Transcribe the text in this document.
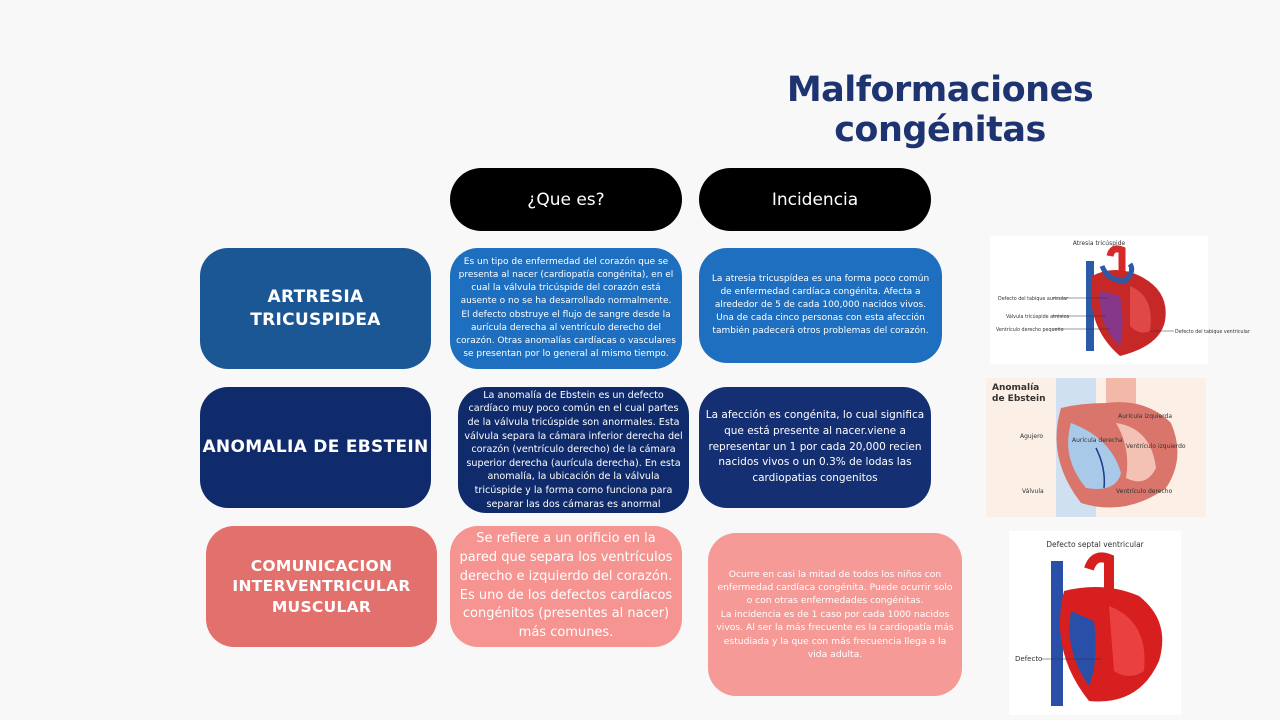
Malformaciones congénitas
¿Que es?	Incidencia
ARTRESIA TRICUSPIDEA
Es un tipo de enfermedad del corazón que se presenta al nacer (cardiopatía congénita), en el cual la válvula tricúspide del corazón está ausente o no se ha desarrollado normalmente. El defecto obstruye el flujo de sangre desde la aurícula derecha al ventrículo derecho del corazón. Otras anomalías cardíacas o vasculares se presentan por lo general al mismo tiempo.
La atresia tricuspídea es una forma poco común de enfermedad cardíaca congénita. Afecta a alrededor de 5 de cada 100,000 nacidos vivos. Una de cada cinco personas con esta afección también padecerá otros problemas del corazón.
ANOMALIA DE EBSTEIN
La anomalía de Ebstein es un defecto cardíaco muy poco común en el cual partes de la válvula tricúspide son anormales. Esta válvula separa la cámara inferior derecha del corazón (ventrículo derecho) de la cámara superior derecha (aurícula derecha). En esta anomalía, la ubicación de la válvula tricúspide y la forma como funciona para separar las dos cámaras es anormal
La afección es congénita, lo cual significa que está presente al nacer.viene a representar un 1 por cada 20,000 recien nacidos vivos o un 0.3% de lodas las cardiopatias congenitos
COMUNICACION INTERVENTRICULAR MUSCULAR
Se refiere a un orificio en la pared que separa los ventrículos derecho e izquierdo del corazón. Es uno de los defectos cardíacos congénitos (presentes al nacer) más comunes.
Ocurre en casi la mitad de todos los niños con enfermedad cardíaca congénita. Puede ocurrir solo o con otras enfermedades congénitas.
La incidencia es de 1 caso por cada 1000 nacidos vivos. Al ser la más frecuente es la cardiopatía más estudiada y la que con más frecuencia llega a la vida adulta.
Atresia tricúspide
Defecto del tabique auricular
Válvula tricúspide atrésica
Ventrículo derecho pequeño	Defecto del tabique ventricular
Anomalía
de Ebstein
Aurícula izquierda
Agujero
Aurícula derecha
Ventrículo izquierdo
Válvula	Ventrículo derecho
Defecto septal ventricular
Defecto
